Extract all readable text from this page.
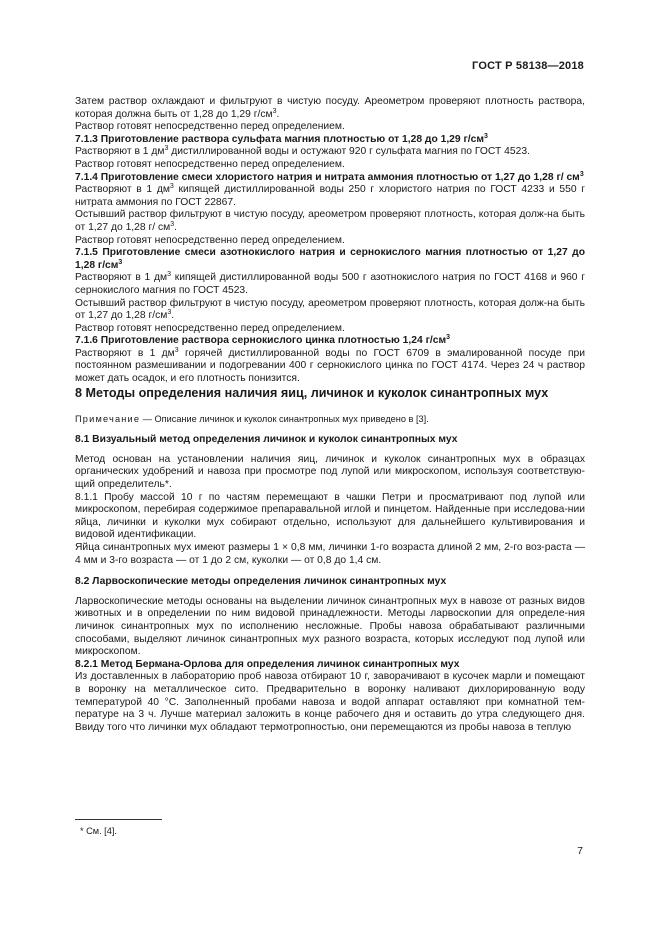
ГОСТ Р 58138—2018

Затем раствор охлаждают и фильтруют в чистую посуду. Ареометром проверяют плотность раствора, которая должна быть от 1,28 до 1,29 $г/см^3$.

Раствор готовят непосредственно перед определением.

7.1.3 Приготовление раствора сульфата магния плотностью от 1,28 до 1,29 $г/см^3$

Растворяют в 1 $дм^3$ дистиллированной воды и остужают 920 г сульфата магния по ГОСТ 4523.

Раствор готовят непосредственно перед определением.

7.1.4 Приготовление смеси хлористого натрия и нитрата аммония плотностью от 1,27 до 1,28 г/ $см^3$

Растворяют в 1 $дм^3$ кипящей дистиллированной воды 250 г хлористого натрия по ГОСТ 4233 и 550 г нитрата аммония по ГОСТ 22867.

Остывший раствор фильтруют в чистую посуду, ареометром проверяют плотность, которая долж-на быть от 1,27 до 1,28 г/ $см^3$.

Раствор готовят непосредственно перед определением.

7.1.5 Приготовление смеси азотнокислого натрия и сернокислого магния плотностью от 1,27 до 1,28 $г/см^3$

Растворяют в 1 $дм^3$ кипящей дистиллированной воды 500 г азотнокислого натрия по ГОСТ 4168 и 960 г сернокислого магния по ГОСТ 4523.

Остывший раствор фильтруют в чистую посуду, ареометром проверяют плотность, которая долж-на быть от 1,27 до 1,28 $г/см^3$.

Раствор готовят непосредственно перед определением.

7.1.6 Приготовление раствора сернокислого цинка плотностью 1,24 $г/см^3$

Растворяют в 1 $дм^3$ горячей дистиллированной воды по ГОСТ 6709 в эмалированной посуде при постоянном размешивании и подогревании 400 г сернокислого цинка по ГОСТ 4174. Через 24 ч раствор может дать осадок, и его плотность понизится.

8 Методы определения наличия яиц, личинок и куколок синантропных мух

Примечание — Описание личинок и куколок синантропных мух приведено в [3].

8.1 Визуальный метод определения личинок и куколок синантропных мух

Метод основан на установлении наличия яиц, личинок и куколок синантропных мух в образцах органических удобрений и навоза при просмотре под лупой или микроскопом, используя соответствую-щий определитель*.

8.1.1 Пробу массой 10 г по частям перемещают в чашки Петри и просматривают под лупой или микроскопом, перебирая содержимое препаравальной иглой и пинцетом. Найденные при исследова-нии яйца, личинки и куколки мух собирают отдельно, используют для дальнейшего культивирования и видовой идентификации.

Яйца синантропных мух имеют размеры 1 × 0,8 мм, личинки 1-го возраста длиной 2 мм, 2-го воз-раста — 4 мм и 3-го возраста — от 1 до 2 см, куколки — от 0,8 до 1,4 см.

8.2 Ларвоскопические методы определения личинок синантропных мух

Ларвоскопические методы основаны на выделении личинок синантропных мух в навозе от разных видов животных и в определении по ним видовой принадлежности. Методы ларвоскопии для определе-ния личинок синантропных мух по исполнению несложные. Пробы навоза обрабатывают различными способами, выделяют личинок синантропных мух разного возраста, которых исследуют под лупой или микроскопом.

8.2.1 Метод Бермана-Орлова для определения личинок синантропных мух

Из доставленных в лабораторию проб навоза отбирают 10 г, заворачивают в кусочек марли и помещают в воронку на металлическое сито. Предварительно в воронку наливают дихлорированную воду температурой 40 °С. Заполненный пробами навоза и водой аппарат оставляют при комнатной тем-пературе на 3 ч. Лучше материал заложить в конце рабочего дня и оставить до утра следующего дня. Ввиду того что личинки мух обладают термотропностью, они перемещаются из пробы навоза в теплую

* См. [4].
7
